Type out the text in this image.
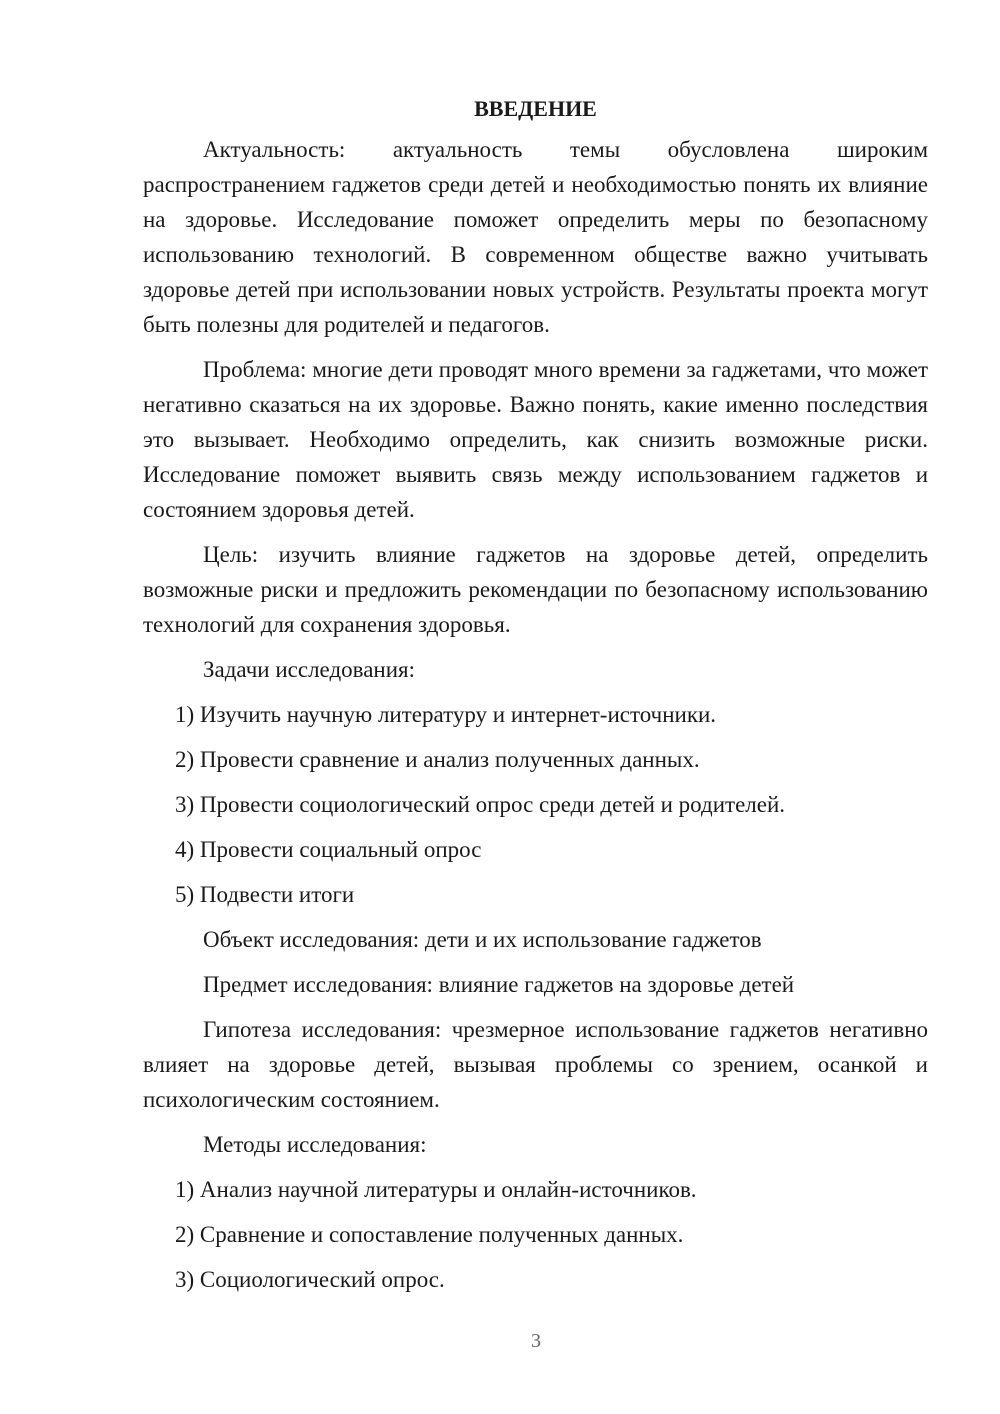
ВВЕДЕНИЕ

Актуальность: актуальность темы обусловлена широким распространением гаджетов среди детей и необходимостью понять их влияние на здоровье. Исследование поможет определить меры по безопасному использованию технологий. В современном обществе важно учитывать здоровье детей при использовании новых устройств. Результаты проекта могут быть полезны для родителей и педагогов.

Проблема: многие дети проводят много времени за гаджетами, что может негативно сказаться на их здоровье. Важно понять, какие именно последствия это вызывает. Необходимо определить, как снизить возможные риски. Исследование поможет выявить связь между использованием гаджетов и состоянием здоровья детей.

Цель: изучить влияние гаджетов на здоровье детей, определить возможные риски и предложить рекомендации по безопасному использованию технологий для сохранения здоровья.

Задачи исследования:

1) Изучить научную литературу и интернет-источники.
2) Провести сравнение и анализ полученных данных.
3) Провести социологический опрос среди детей и родителей.
4) Провести социальный опрос
5) Подвести итоги

Объект исследования: дети и их использование гаджетов

Предмет исследования: влияние гаджетов на здоровье детей

Гипотеза исследования: чрезмерное использование гаджетов негативно влияет на здоровье детей, вызывая проблемы со зрением, осанкой и психологическим состоянием.

Методы исследования:

1) Анализ научной литературы и онлайн-источников.
2) Сравнение и сопоставление полученных данных.
3) Социологический опрос.
3
